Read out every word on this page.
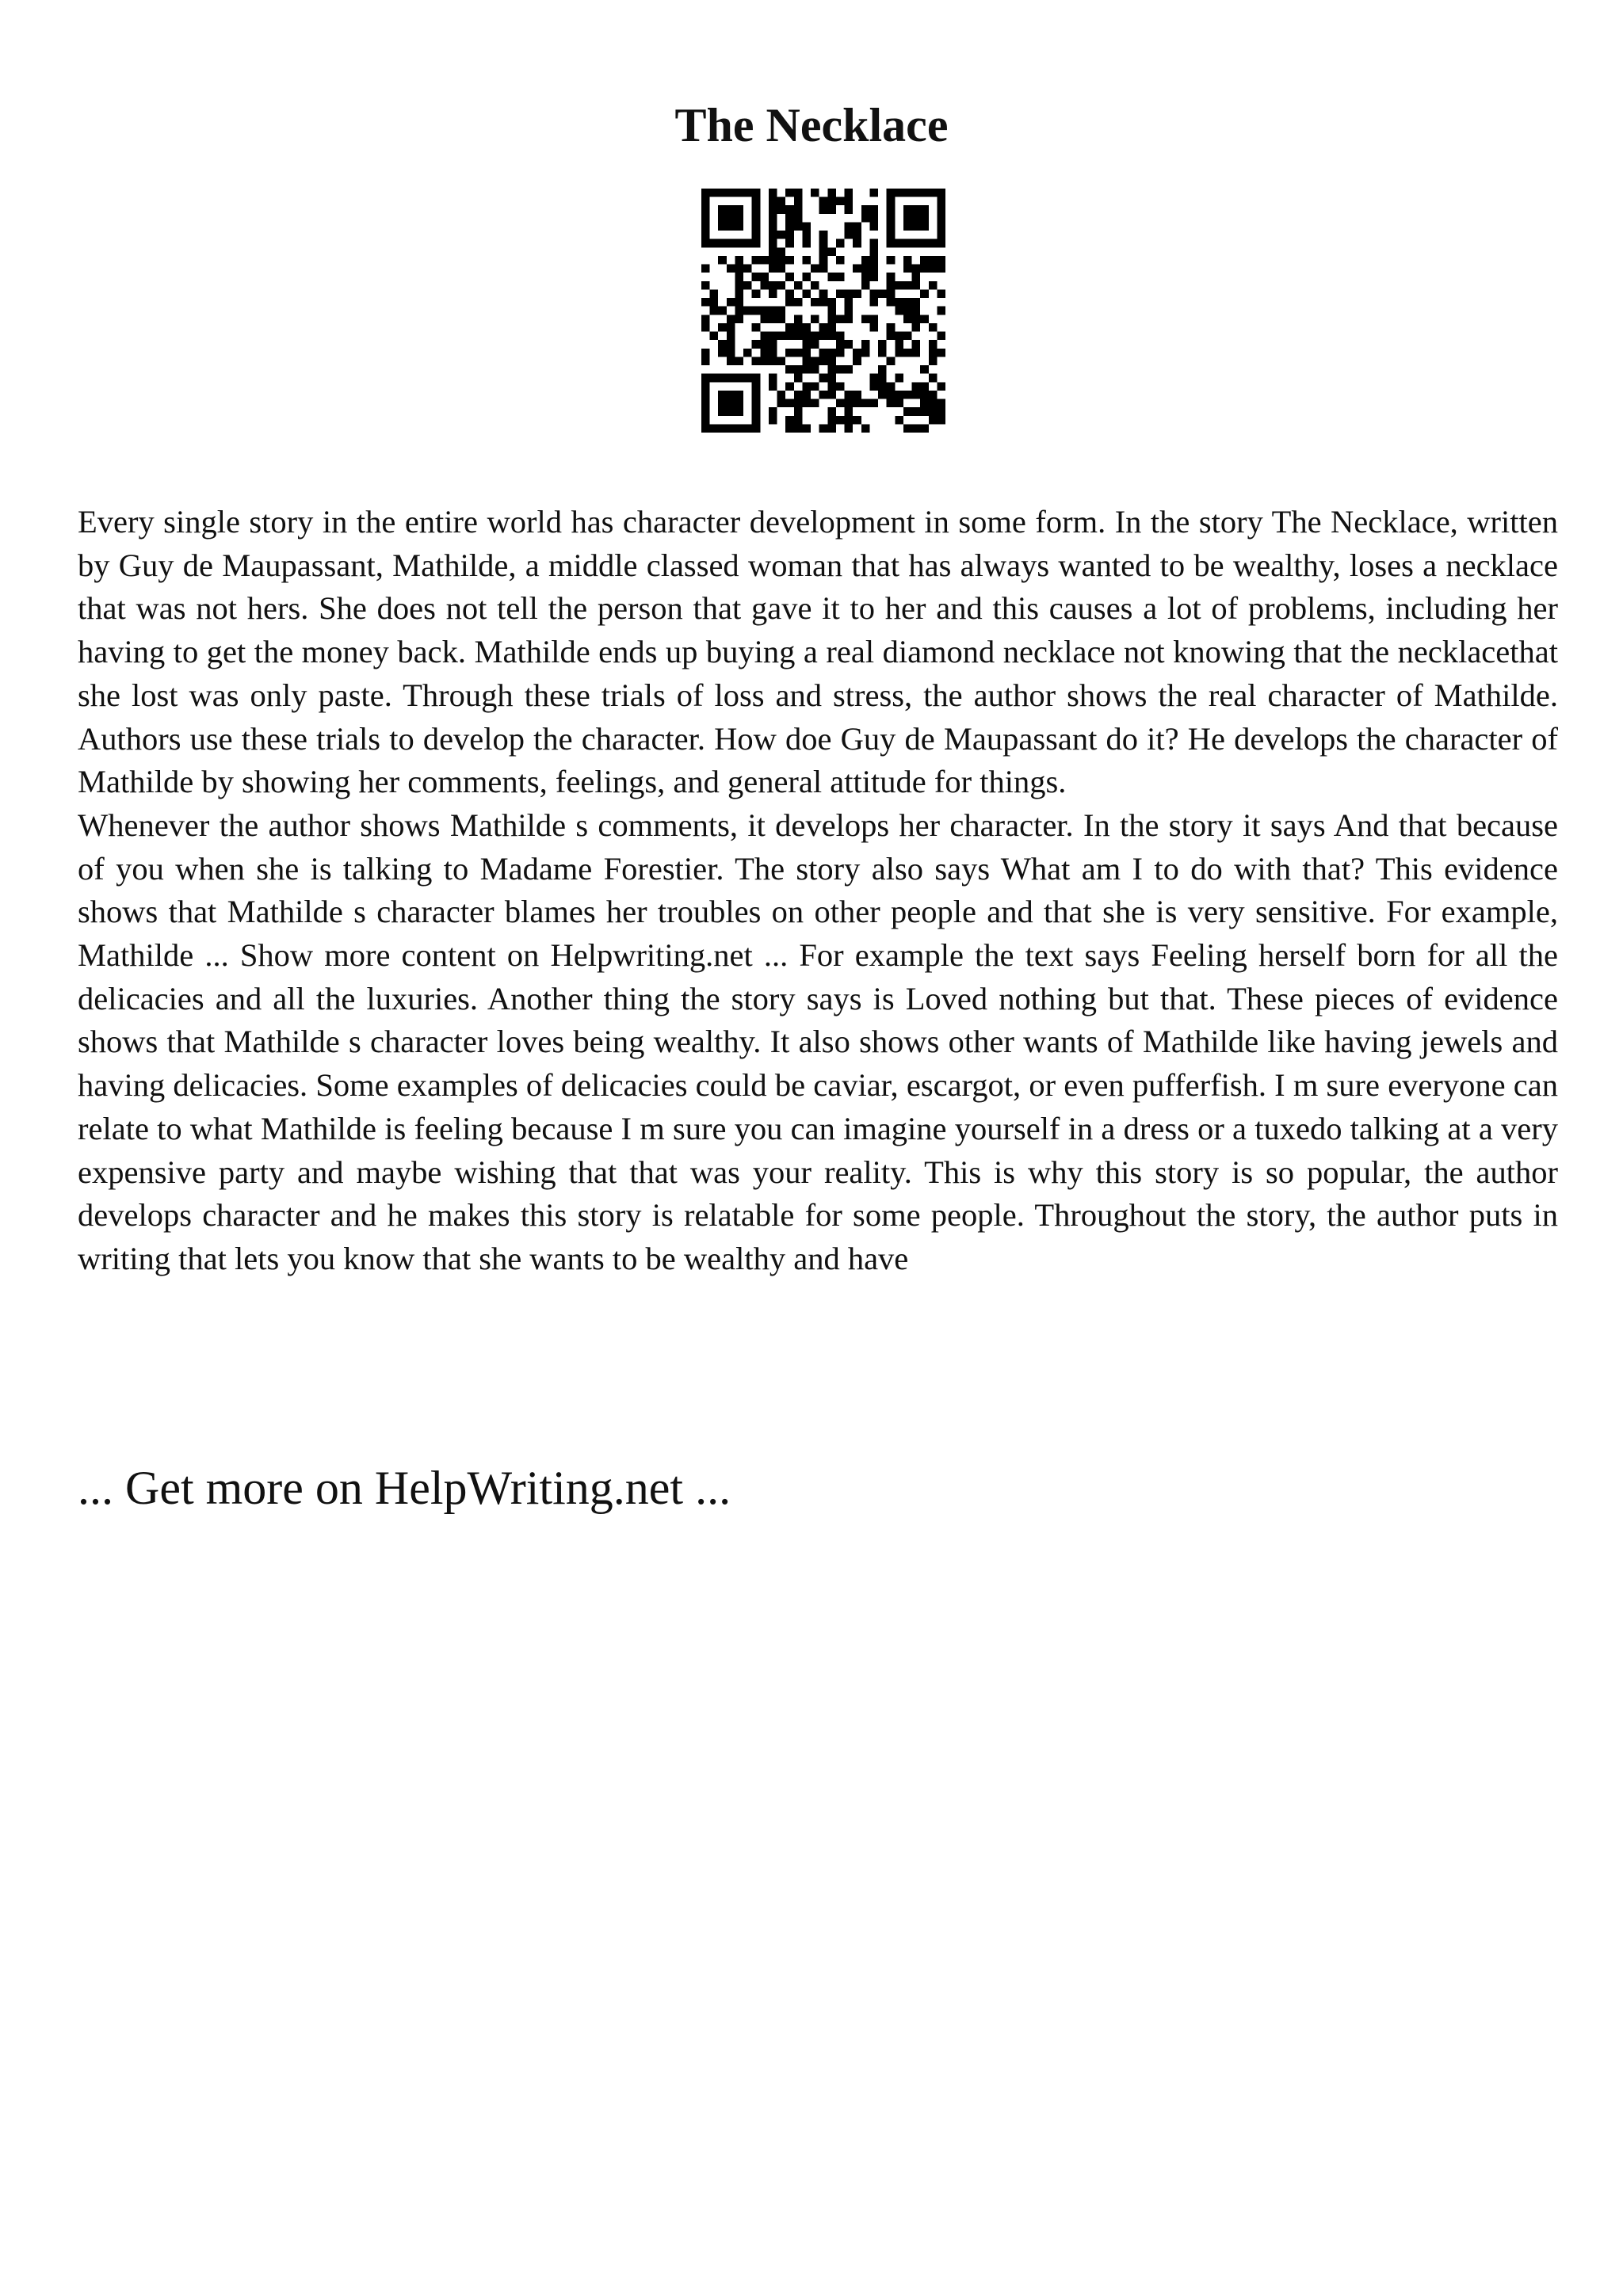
The Necklace

Every single story in the entire world has character development in some form. In the story The Necklace, written by Guy de Maupassant, Mathilde, a middle classed woman that has always wanted to be wealthy, loses a necklace that was not hers. She does not tell the person that gave it to her and this causes a lot of problems, including her having to get the money back. Mathilde ends up buying a real diamond necklace not knowing that the necklacethat she lost was only paste. Through these trials of loss and stress, the author shows the real character of Mathilde. Authors use these trials to develop the character. How doe Guy de Maupassant do it? He develops the character of Mathilde by showing her comments, feelings, and general attitude for things.

Whenever the author shows Mathilde s comments, it develops her character. In the story it says And that because of you when she is talking to Madame Forestier. The story also says What am I to do with that? This evidence shows that Mathilde s character blames her troubles on other people and that she is very sensitive. For example, Mathilde ... Show more content on Helpwriting.net ... For example the text says Feeling herself born for all the delicacies and all the luxuries. Another thing the story says is Loved nothing but that. These pieces of evidence shows that Mathilde s character loves being wealthy. It also shows other wants of Mathilde like having jewels and having delicacies. Some examples of delicacies could be caviar, escargot, or even pufferfish. I m sure everyone can relate to what Mathilde is feeling because I m sure you can imagine yourself in a dress or a tuxedo talking at a very expensive party and maybe wishing that that was your reality. This is why this story is so popular, the author develops character and he makes this story is relatable for some people. Throughout the story, the author puts in writing that lets you know that she wants to be wealthy and have

... Get more on HelpWriting.net ...
